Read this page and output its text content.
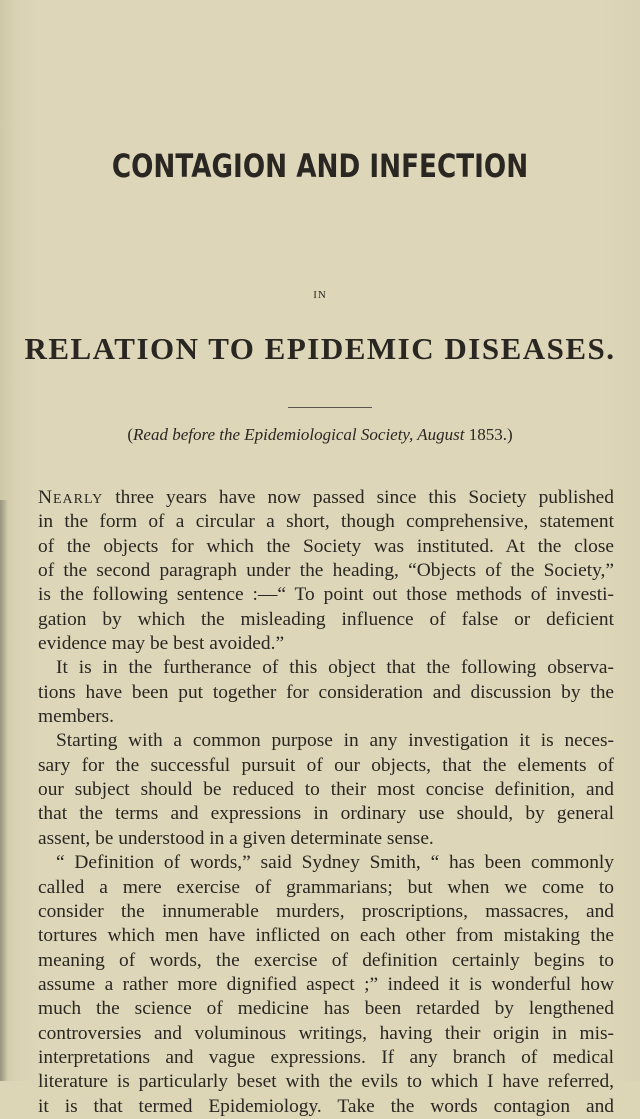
CONTAGION AND INFECTION
IN
RELATION TO EPIDEMIC DISEASES.
(Read before the Epidemiological Society, August 1853.)
Nearly three years have now passed since this Society published
in the form of a circular a short, though comprehensive, statement
of the objects for which the Society was instituted. At the close
of the second paragraph under the heading, “Objects of the Society,”
is the following sentence :—“ To point out those methods of investi-
gation by which the misleading influence of false or deficient
evidence may be best avoided.”
It is in the furtherance of this object that the following observa-
tions have been put together for consideration and discussion by the
members.
Starting with a common purpose in any investigation it is neces-
sary for the successful pursuit of our objects, that the elements of
our subject should be reduced to their most concise definition, and
that the terms and expressions in ordinary use should, by general
assent, be understood in a given determinate sense.
“ Definition of words,” said Sydney Smith, “ has been commonly
called a mere exercise of grammarians; but when we come to
consider the innumerable murders, proscriptions, massacres, and
tortures which men have inflicted on each other from mistaking the
meaning of words, the exercise of definition certainly begins to
assume a rather more dignified aspect ;” indeed it is wonderful how
much the science of medicine has been retarded by lengthened
controversies and voluminous writings, having their origin in mis-
interpretations and vague expressions. If any branch of medical
literature is particularly beset with the evils to which I have referred,
it is that termed Epidemiology. Take the words contagion and
